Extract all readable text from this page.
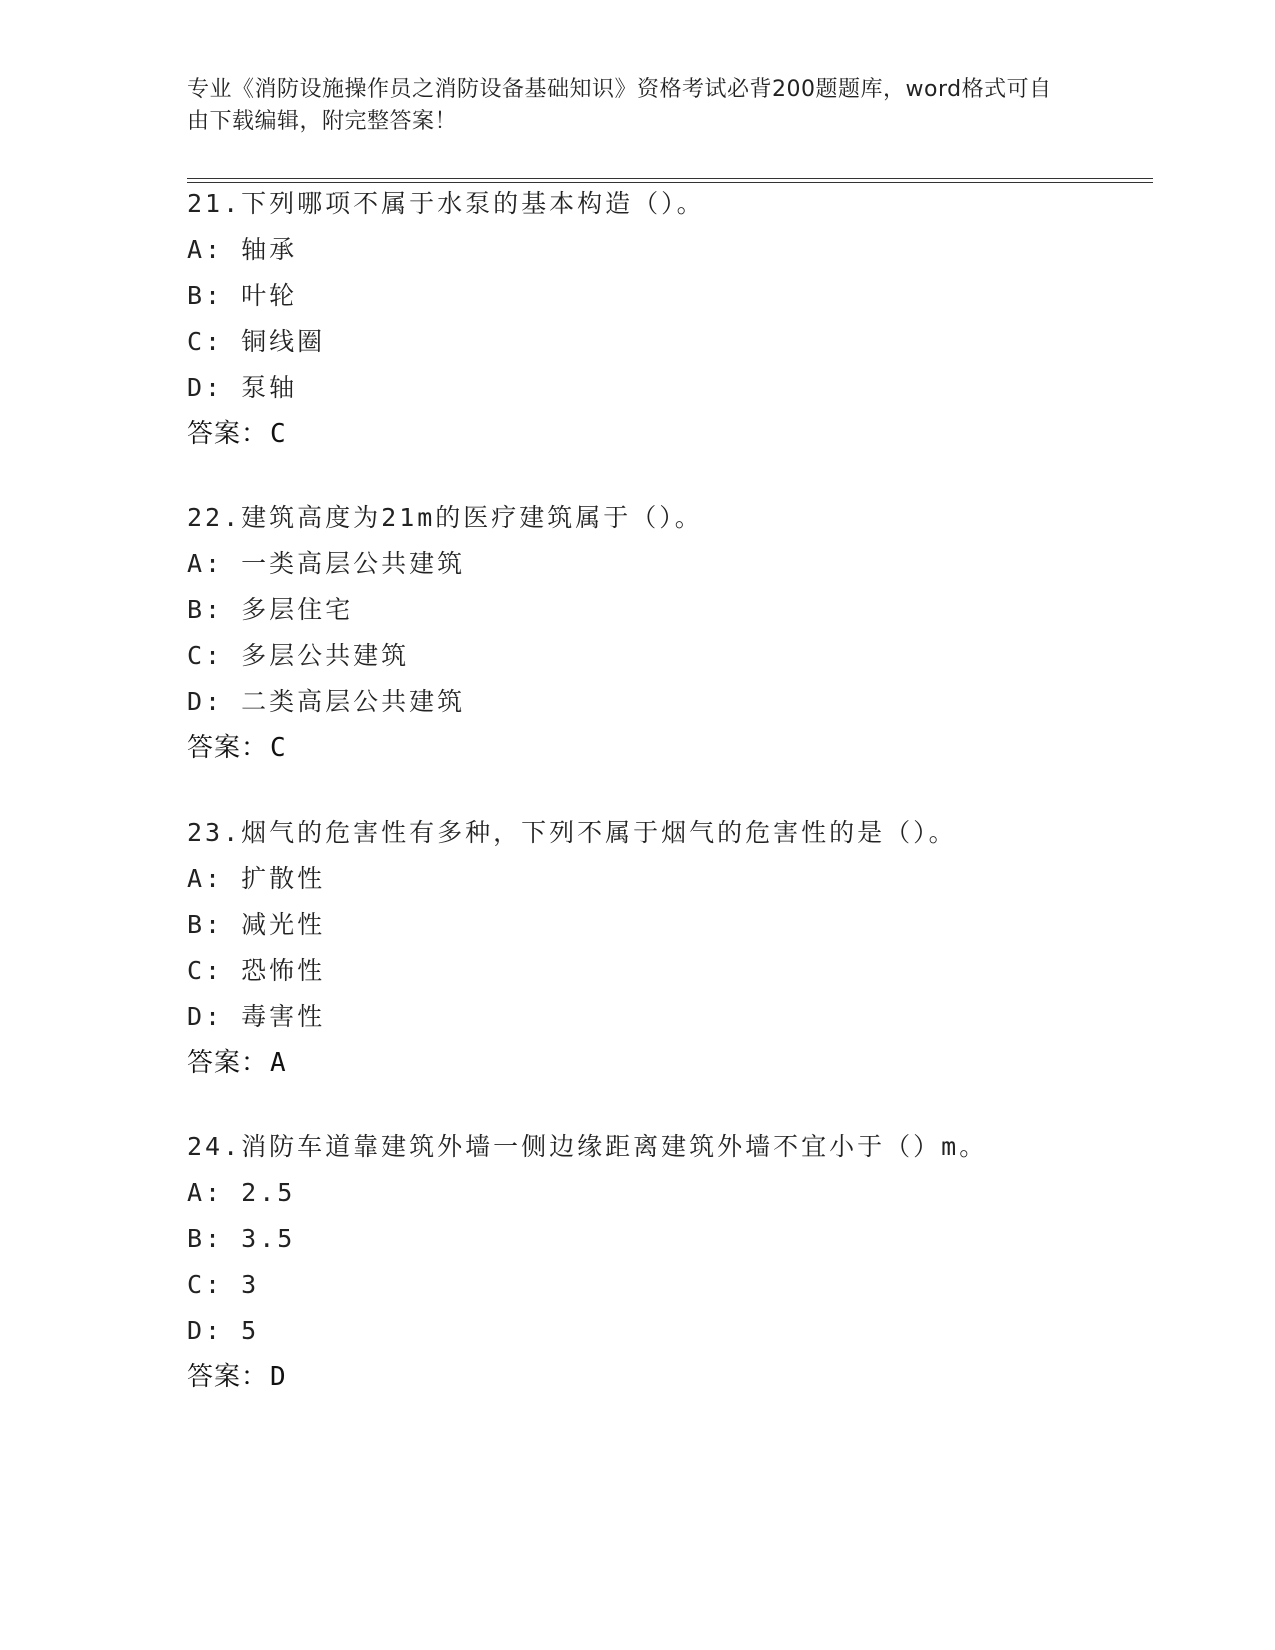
专业《消防设施操作员之消防设备基础知识》资格考试必背200题题库，word格式可自由下载编辑，附完整答案！
21.下列哪项不属于水泵的基本构造（）。
A: 轴承
B: 叶轮
C: 铜线圈
D: 泵轴
答案：C
22.建筑高度为21m的医疗建筑属于（）。
A: 一类高层公共建筑
B: 多层住宅
C: 多层公共建筑
D: 二类高层公共建筑
答案：C
23.烟气的危害性有多种，下列不属于烟气的危害性的是（）。
A: 扩散性
B: 减光性
C: 恐怖性
D: 毒害性
答案：A
24.消防车道靠建筑外墙一侧边缘距离建筑外墙不宜小于（）m。
A: 2.5
B: 3.5
C: 3
D: 5
答案：D
